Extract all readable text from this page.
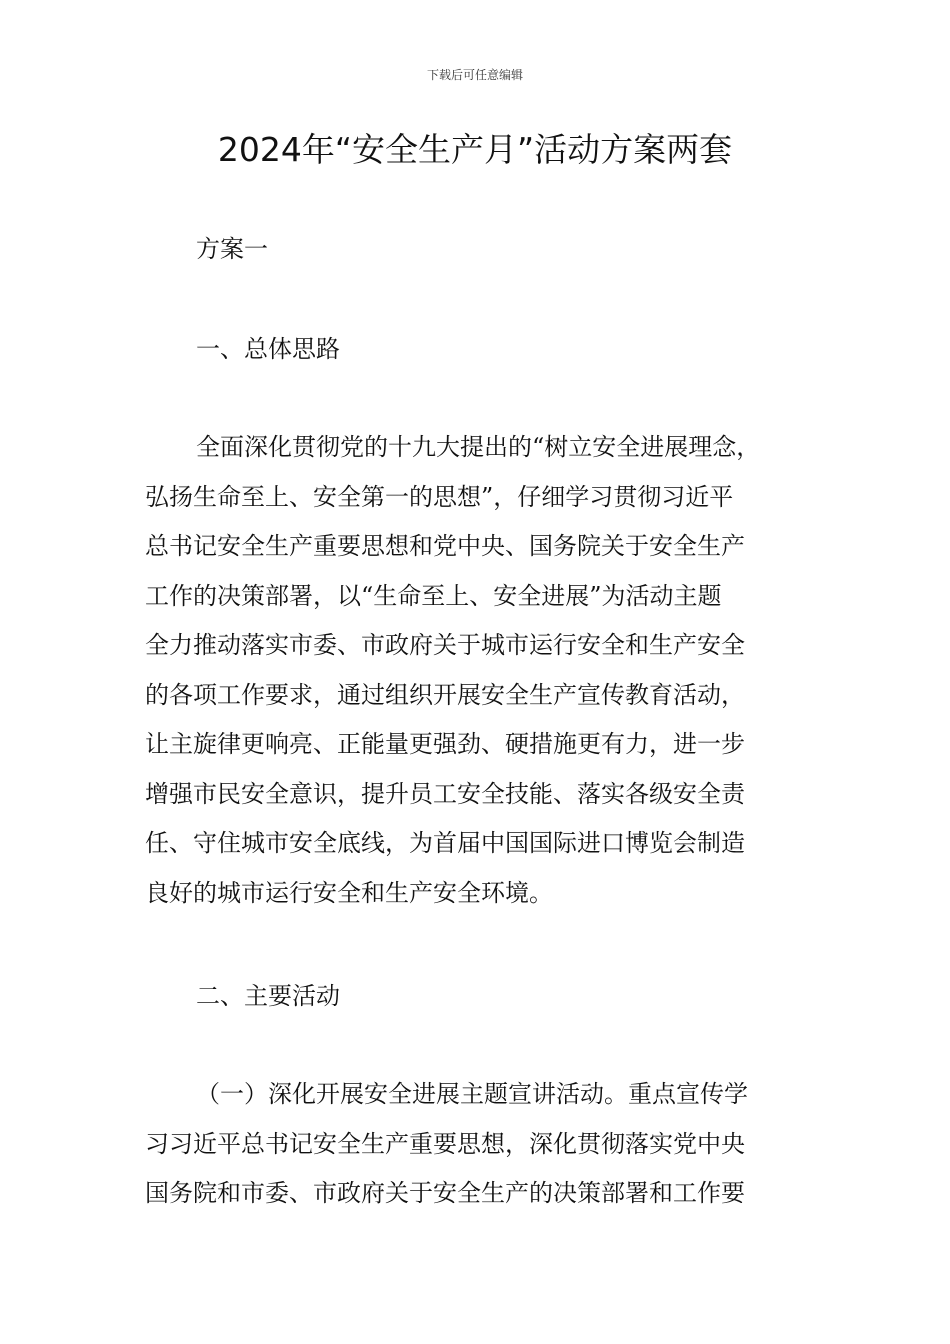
下载后可任意编辑
2024年“安全生产月”活动方案两套
方案一
一、总体思路
全面深化贯彻党的十九大提出的“树立安全进展理念，
弘扬生命至上、安全第一的思想”，仔细学习贯彻习近平
总书记安全生产重要思想和党中央、国务院关于安全生产
工作的决策部署，以“生命至上、安全进展”为活动主题
全力推动落实市委、市政府关于城市运行安全和生产安全
的各项工作要求，通过组织开展安全生产宣传教育活动，
让主旋律更响亮、正能量更强劲、硬措施更有力，进一步
增强市民安全意识，提升员工安全技能、落实各级安全责
任、守住城市安全底线，为首届中国国际进口博览会制造
良好的城市运行安全和生产安全环境。
二、主要活动
（一）深化开展安全进展主题宣讲活动。重点宣传学
习习近平总书记安全生产重要思想，深化贯彻落实党中央
国务院和市委、市政府关于安全生产的决策部署和工作要
